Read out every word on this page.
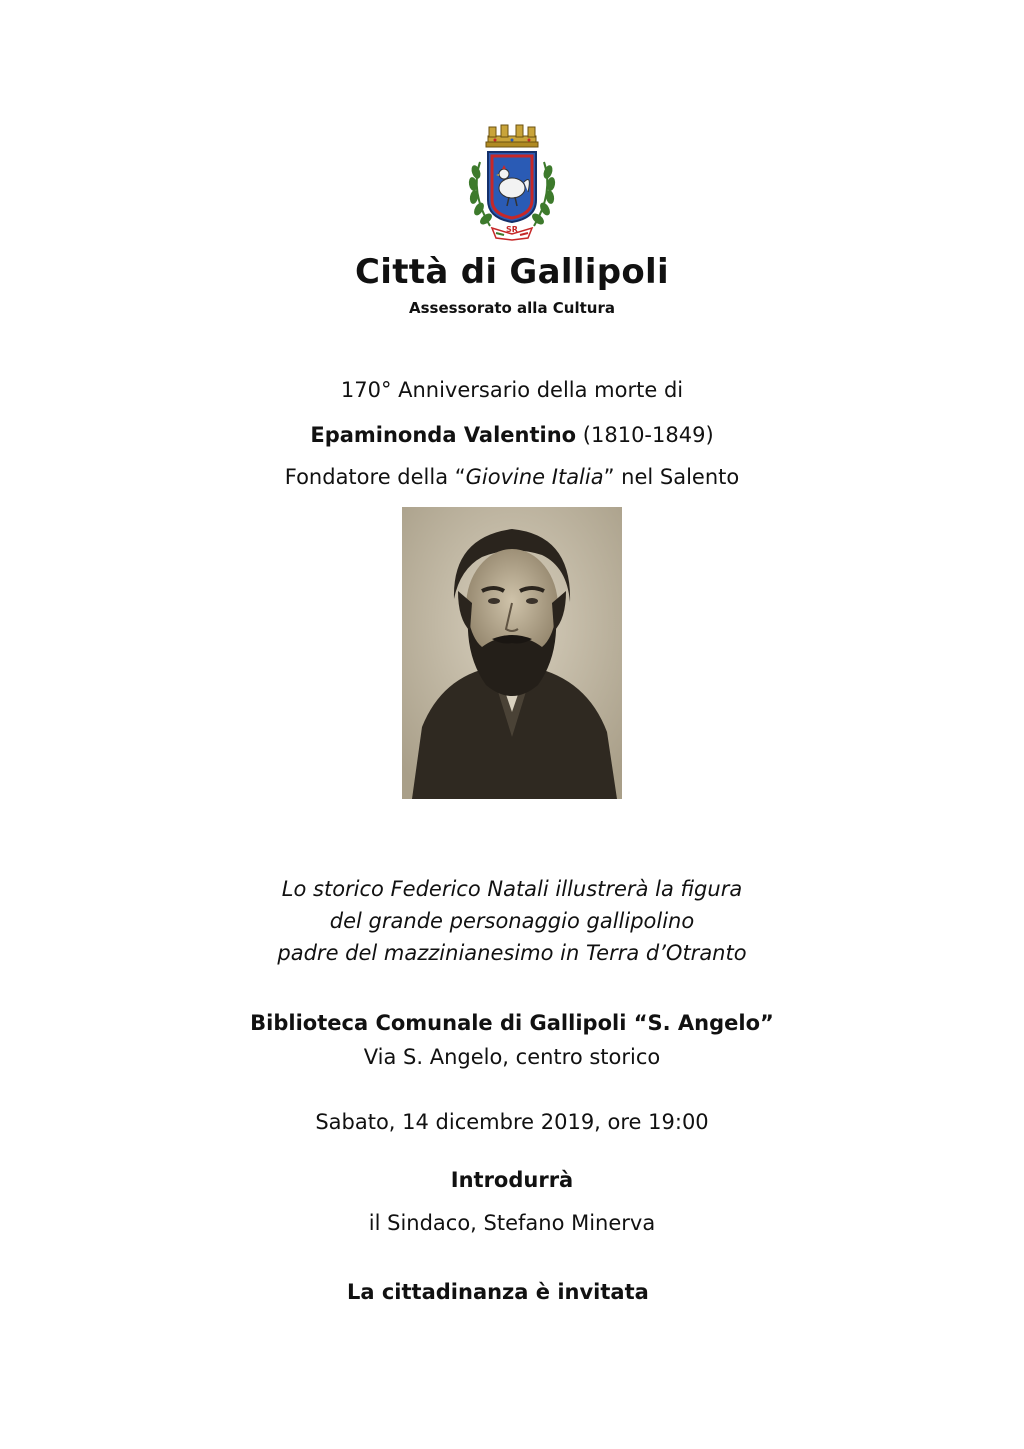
SR
Città di Gallipoli
Assessorato alla Cultura
170° Anniversario della morte di
Epaminonda Valentino (1810-1849)
Fondatore della “Giovine Italia” nel Salento
Lo storico Federico Natali illustrerà la figura
del grande personaggio gallipolino
padre del mazzinianesimo in Terra d’Otranto
Biblioteca Comunale di Gallipoli “S. Angelo”
Via S. Angelo, centro storico
Sabato, 14 dicembre 2019, ore 19:00
Introdurrà
il Sindaco, Stefano Minerva
La cittadinanza è invitata
